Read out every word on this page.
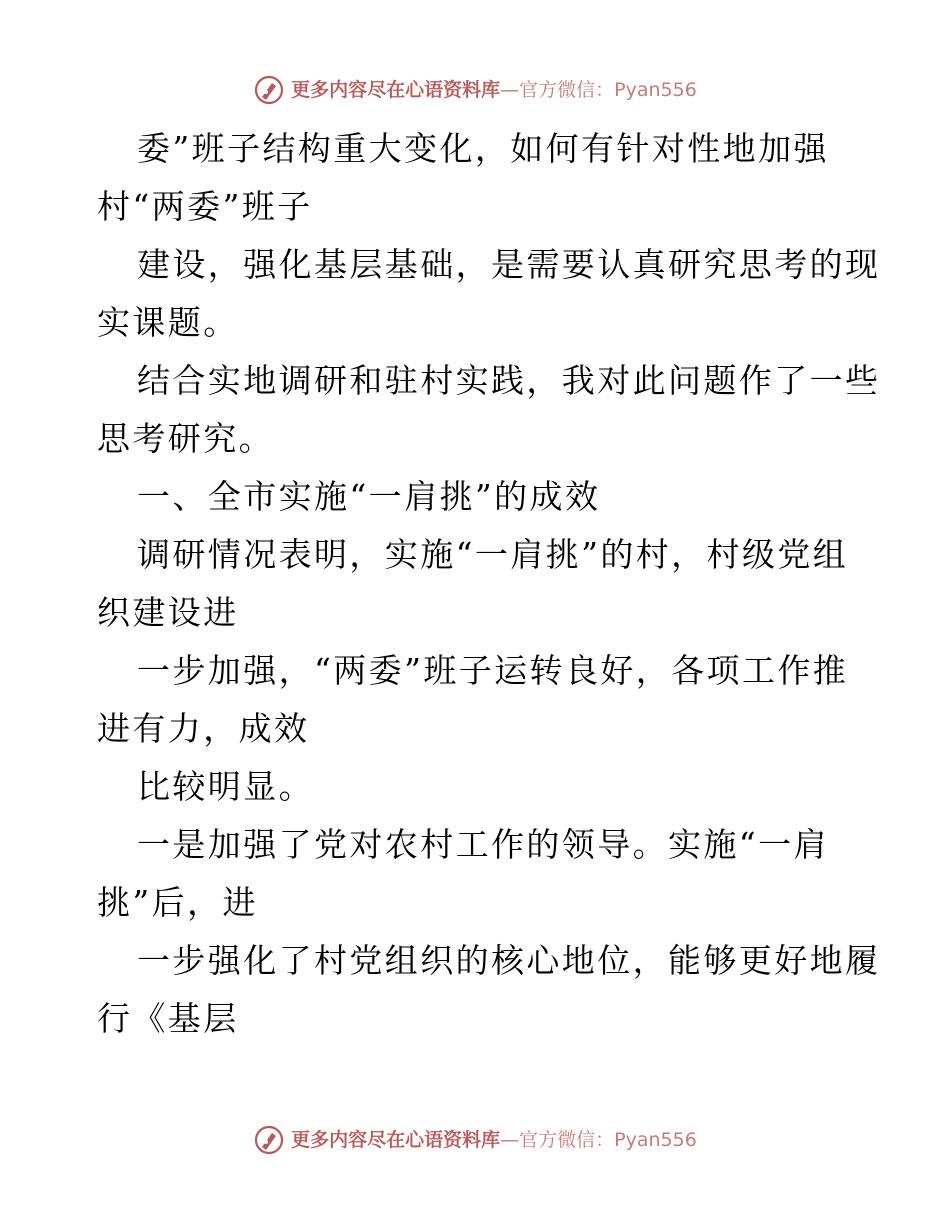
更多内容尽在心语资料库 —官方微信：Pyan556
委”班子结构重大变化，如何有针对性地加强
村“两委”班子
建设，强化基层基础，是需要认真研究思考的现
实课题。
结合实地调研和驻村实践，我对此问题作了一些
思考研究。
一、全市实施“一肩挑”的成效
调研情况表明，实施“一肩挑”的村，村级党组
织建设进
一步加强，“两委”班子运转良好，各项工作推
进有力，成效
比较明显。
一是加强了党对农村工作的领导。实施“一肩
挑”后，进
一步强化了村党组织的核心地位，能够更好地履
行《基层
更多内容尽在心语资料库 —官方微信：Pyan556
